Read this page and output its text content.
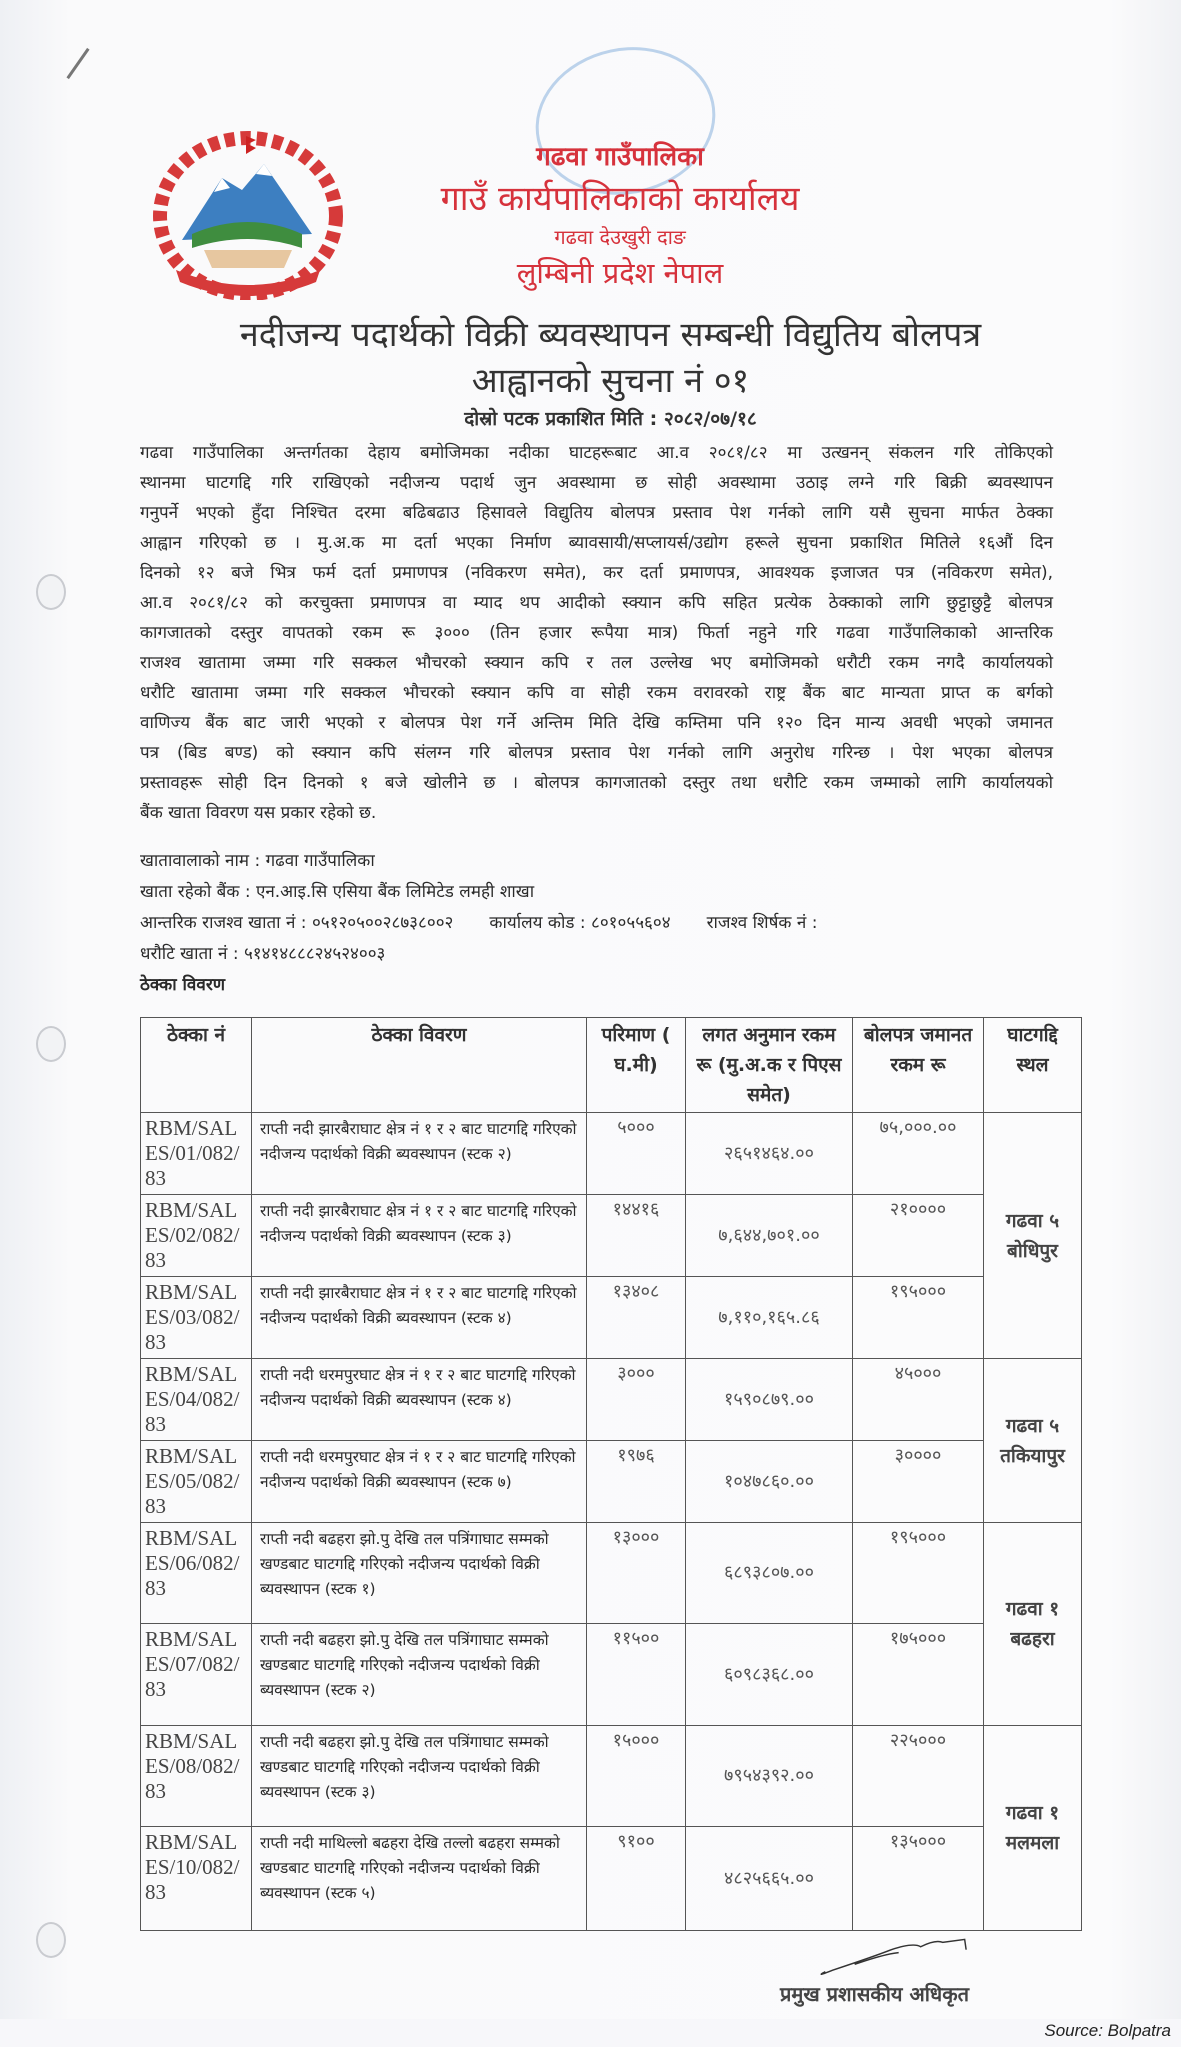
गढवा गाउँपालिका
गाउँ कार्यपालिकाको कार्यालय
गढवा देउखुरी दाङ
लुम्बिनी प्रदेश नेपाल
नदीजन्य पदार्थको विक्री ब्यवस्थापन सम्बन्धी विद्युतिय बोलपत्र
आह्वानको सुचना नं ०१
दोस्रो पटक प्रकाशित मिति : २०८२/०७/१८
गढवा गाउँपालिका अन्तर्गतका देहाय बमोजिमका नदीका घाटहरूबाट आ.व २०८१/८२ मा उत्खनन् संकलन गरि तोकिएको
स्थानमा घाटगद्दि गरि राखिएको नदीजन्य पदार्थ जुन अवस्थामा छ सोही अवस्थामा उठाइ लग्ने गरि बिक्री ब्यवस्थापन
गनुपर्ने भएको हुँदा निश्चित दरमा बढिबढाउ हिसावले विद्युतिय बोलपत्र प्रस्ताव पेश गर्नको लागि यसै सुचना मार्फत ठेक्का
आह्वान गरिएको छ । मु.अ.क मा दर्ता भएका निर्माण ब्यावसायी/सप्लायर्स/उद्योग हरूले सुचना प्रकाशित मितिले १६औं दिन
दिनको १२ बजे भित्र फर्म दर्ता प्रमाणपत्र (नविकरण समेत), कर दर्ता प्रमाणपत्र, आवश्यक इजाजत पत्र (नविकरण समेत),
आ.व २०८१/८२ को करचुक्ता प्रमाणपत्र वा म्याद थप आदीको स्क्यान कपि सहित प्रत्येक ठेक्काको लागि छुट्टाछुट्टै बोलपत्र
कागजातको दस्तुर वापतको रकम रू ३००० (तिन हजार रूपैया मात्र) फिर्ता नहुने गरि गढवा गाउँपालिकाको आन्तरिक
राजश्व खातामा जम्मा गरि सक्कल भौचरको स्क्यान कपि र तल उल्लेख भए बमोजिमको धरौटी रकम नगदै कार्यालयको
धरौटि खातामा जम्मा गरि सक्कल भौचरको स्क्यान कपि वा सोही रकम वरावरको राष्ट्र बैंक बाट मान्यता प्राप्त क बर्गको
वाणिज्य बैंक बाट जारी भएको र बोलपत्र पेश गर्ने अन्तिम मिति देखि कम्तिमा पनि १२० दिन मान्य अवधी भएको जमानत
पत्र (बिड बण्ड) को स्क्यान कपि संलग्न गरि बोलपत्र प्रस्ताव पेश गर्नको लागि अनुरोध गरिन्छ । पेश भएका बोलपत्र
प्रस्तावहरू सोही दिन दिनको १ बजे खोलीने छ । बोलपत्र कागजातको दस्तुर तथा धरौटि रकम जम्माको लागि कार्यालयको
बैंक खाता विवरण यस प्रकार रहेको छ.
खातावालाको नाम : गढवा गाउँपालिका
खाता रहेको बैंक : एन.आइ.सि एसिया बैंक लिमिटेड लमही शाखा
आन्तरिक राजश्व खाता नं : ०५१२०५००२८७३८००२ कार्यालय कोड : ८०१०५५६०४ राजश्व शिर्षक नं :
धरौटि खाता नं : ५१४१४८८८२४५२४००३
ठेक्का विवरण
ठेक्का नं	ठेक्का विवरण	परिमाण ( घ.मी)	लगत अनुमान रकम रू (मु.अ.क र पिएस समेत)	बोलपत्र जमानत रकम रू	घाटगद्दि स्थल
RBM/SALES/01/082/83	राप्ती नदी झारबैराघाट क्षेत्र नं १ र २ बाट घाटगद्दि गरिएको नदीजन्य पदार्थको विक्री ब्यवस्थापन (स्टक २)	५०००	२६५१४६४.००	७५,०००.००	गढवा ५ बोधिपुर
RBM/SALES/02/082/83	राप्ती नदी झारबैराघाट क्षेत्र नं १ र २ बाट घाटगद्दि गरिएको नदीजन्य पदार्थको विक्री ब्यवस्थापन (स्टक ३)	१४४१६	७,६४४,७०१.००	२१००००	
RBM/SALES/03/082/83	राप्ती नदी झारबैराघाट क्षेत्र नं १ र २ बाट घाटगद्दि गरिएको नदीजन्य पदार्थको विक्री ब्यवस्थापन (स्टक ४)	१३४०८	७,११०,१६५.८६	१९५०००	
RBM/SALES/04/082/83	राप्ती नदी धरमपुरघाट क्षेत्र नं १ र २ बाट घाटगद्दि गरिएको नदीजन्य पदार्थको विक्री ब्यवस्थापन (स्टक ४)	३०००	१५९०८७९.००	४५०००	गढवा ५ तकियापुर
RBM/SALES/05/082/83	राप्ती नदी धरमपुरघाट क्षेत्र नं १ र २ बाट घाटगद्दि गरिएको नदीजन्य पदार्थको विक्री ब्यवस्थापन (स्टक ७)	१९७६	१०४७८६०.००	३००००	
RBM/SALES/06/082/83	राप्ती नदी बढहरा झो.पु देखि तल पत्रिंगाघाट सम्मको खण्डबाट घाटगद्दि गरिएको नदीजन्य पदार्थको विक्री ब्यवस्थापन (स्टक १)	१३०००	६८९३८०७.००	१९५०००	गढवा १ बढहरा
RBM/SALES/07/082/83	राप्ती नदी बढहरा झो.पु देखि तल पत्रिंगाघाट सम्मको खण्डबाट घाटगद्दि गरिएको नदीजन्य पदार्थको विक्री ब्यवस्थापन (स्टक २)	११५००	६०९८३६८.००	१७५०००	
RBM/SALES/08/082/83	राप्ती नदी बढहरा झो.पु देखि तल पत्रिंगाघाट सम्मको खण्डबाट घाटगद्दि गरिएको नदीजन्य पदार्थको विक्री ब्यवस्थापन (स्टक ३)	१५०००	७९५४३९२.००	२२५०००	गढवा १ मलमला
RBM/SALES/10/082/83	राप्ती नदी माथिल्लो बढहरा देखि तल्लो बढहरा सम्मको खण्डबाट घाटगद्दि गरिएको नदीजन्य पदार्थको विक्री ब्यवस्थापन (स्टक ५)	९१००	४८२५६६५.००	१३५०००	
प्रमुख प्रशासकीय अधिकृत
Source: Bolpatra
